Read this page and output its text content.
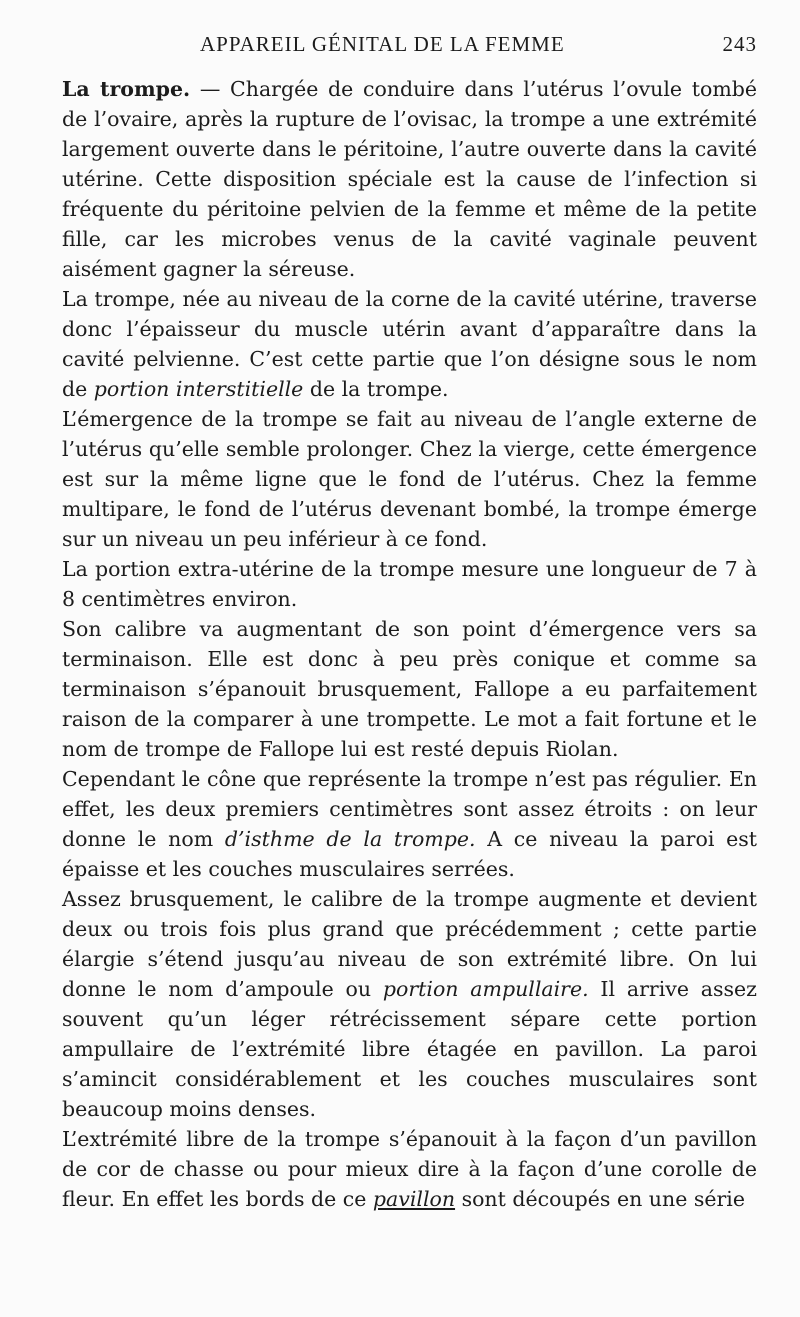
APPAREIL GÉNITAL DE LA FEMME	243

La trompe. — Chargée de conduire dans l’utérus l’ovule tombé de l’ovaire, après la rupture de l’ovisac, la trompe a une extrémité largement ouverte dans le péritoine, l’autre ouverte dans la cavité utérine. Cette disposition spéciale est la cause de l’infection si fréquente du péritoine pelvien de la femme et même de la petite fille, car les microbes venus de la cavité vaginale peuvent aisément gagner la séreuse.

La trompe, née au niveau de la corne de la cavité utérine, traverse donc l’épaisseur du muscle utérin avant d’apparaître dans la cavité pelvienne. C’est cette partie que l’on désigne sous le nom de portion interstitielle de la trompe.

L’émergence de la trompe se fait au niveau de l’angle externe de l’utérus qu’elle semble prolonger. Chez la vierge, cette émergence est sur la même ligne que le fond de l’utérus. Chez la femme multipare, le fond de l’utérus devenant bombé, la trompe émerge sur un niveau un peu inférieur à ce fond.

La portion extra-utérine de la trompe mesure une longueur de 7 à 8 centimètres environ.

Son calibre va augmentant de son point d’émergence vers sa terminaison. Elle est donc à peu près conique et comme sa terminaison s’épanouit brusquement, Fallope a eu parfaitement raison de la comparer à une trompette. Le mot a fait fortune et le nom de trompe de Fallope lui est resté depuis Riolan.

Cependant le cône que représente la trompe n’est pas régulier. En effet, les deux premiers centimètres sont assez étroits : on leur donne le nom d’isthme de la trompe. A ce niveau la paroi est épaisse et les couches musculaires serrées.

Assez brusquement, le calibre de la trompe augmente et devient deux ou trois fois plus grand que précédemment ; cette partie élargie s’étend jusqu’au niveau de son extrémité libre. On lui donne le nom d’ampoule ou portion ampullaire. Il arrive assez souvent qu’un léger rétrécissement sépare cette portion ampullaire de l’extrémité libre étagée en pavillon. La paroi s’amincit considérablement et les couches musculaires sont beaucoup moins denses.

L’extrémité libre de la trompe s’épanouit à la façon d’un pavillon de cor de chasse ou pour mieux dire à la façon d’une corolle de fleur. En effet les bords de ce pavillon sont découpés en une série
